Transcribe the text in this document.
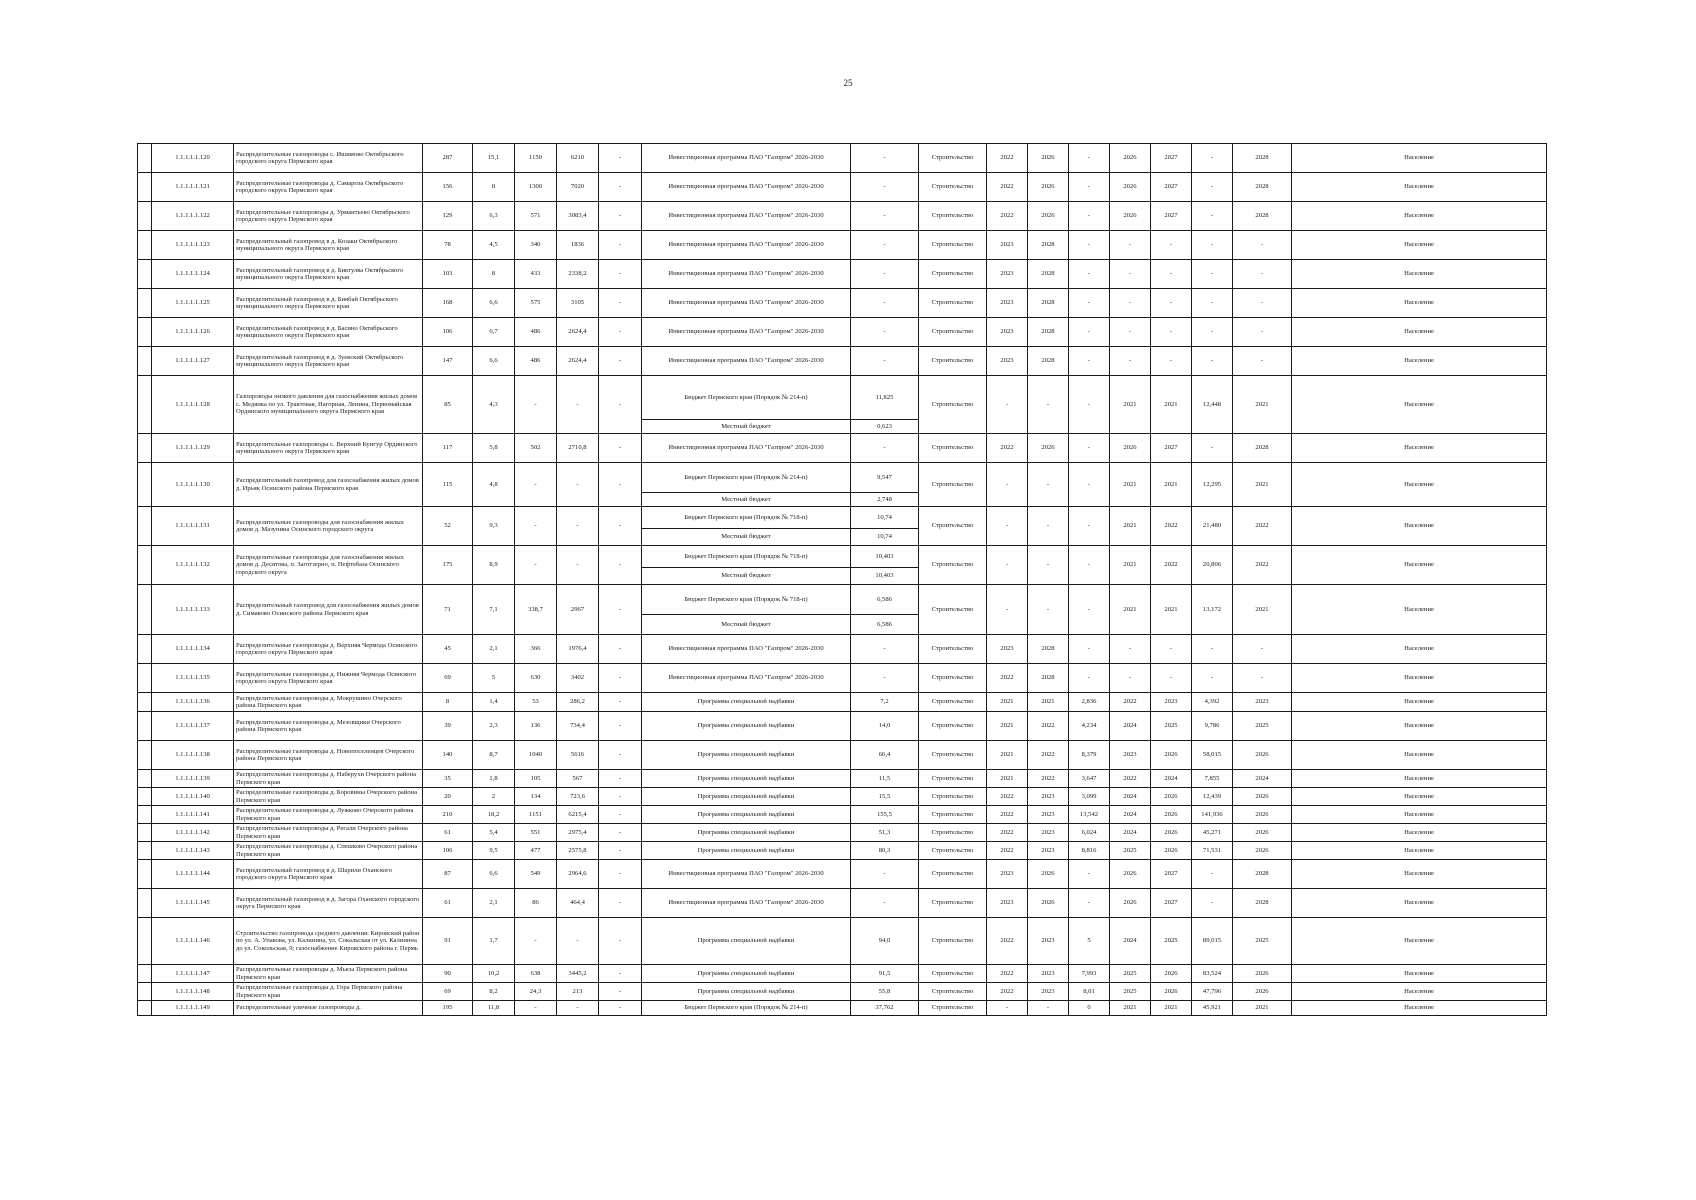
25
	1.1.1.1.1.120	Распределительные газопроводы с. Ишимово Октябрьского городского округа Пермского края	287	15,1	1150	6210	-	Инвестиционная программа ПАО "Газпром" 2026-2030	-	Строительство	2022	2026	-	2026	2027	-	2028	Население
	1.1.1.1.1.121	Распределительные газопроводы д. Самароза Октябрьского городского округа Пермского края	156	8	1300	7020	-	Инвестиционная программа ПАО "Газпром" 2026-2030	-	Строительство	2022	2026	-	2026	2027	-	2028	Население
	1.1.1.1.1.122	Распределительные газопроводы д. Урмантьево Октябрьского городского округа Пермского края	129	6,3	571	3083,4	-	Инвестиционная программа ПАО "Газпром" 2026-2030	-	Строительство	2022	2026	-	2026	2027	-	2028	Население
	1.1.1.1.1.123	Распределительный газопровод в д. Козаки Октябрьского муниципального округа Пермского края	78	4,5	340	1836	-	Инвестиционная программа ПАО "Газпром" 2026-2030	-	Строительство	2023	2028	-	-	-	-	-	Население
	1.1.1.1.1.124	Распределительный газопровод в д. Биктулва Октябрьского муниципального округа Пермского края	103	8	433	2338,2	-	Инвестиционная программа ПАО "Газпром" 2026-2030	-	Строительство	2023	2028	-	-	-	-	-	Население
	1.1.1.1.1.125	Распределительный газопровод в д. Биябай Октябрьского муниципального округа Пермского края	168	6,6	575	3105	-	Инвестиционная программа ПАО "Газпром" 2026-2030	-	Строительство	2023	2028	-	-	-	-	-	Население
	1.1.1.1.1.126	Распределительный газопровод в д. Басино Октябрьского муниципального округа Пермского края	106	6,7	486	2624,4	-	Инвестиционная программа ПАО "Газпром" 2026-2030	-	Строительство	2023	2028	-	-	-	-	-	Население
	1.1.1.1.1.127	Распределительный газопровод в д. Зуевский Октябрьского муниципального округа Пермского края	147	6,6	486	2624,4	-	Инвестиционная программа ПАО "Газпром" 2026-2030	-	Строительство	2023	2028	-	-	-	-	-	Население
	1.1.1.1.1.128	Газопроводы низкого давления для газоснабжения жилых домов с. Медянка по ул. Трактовая, Нагорная, Ленина, Первомайская Ординского муниципального округа Пермского края	85	4,3	-	-	-	Бюджет Пермского края (Порядок № 214-п)	11,825	Строительство	-	-	-	2021	2021	12,448	2021	Население
								Местный бюджет	0,623									
	1.1.1.1.1.129	Распределительные газопроводы с. Верхний Кунгур Ординского муниципального округа Пермского края	117	5,8	502	2710,8	-	Инвестиционная программа ПАО "Газпром" 2026-2030	-	Строительство	2022	2026	-	2026	2027	-	2028	Население
	1.1.1.1.1.130	Распределительный газопровод для газоснабжения жилых домов д. Ирьяк Осинского района Пермского края	115	4,8	-	-	-	Бюджет Пермского края (Порядок № 214-п)	9,547	Строительство	-	-	-	2021	2021	12,295	2021	Население
								Местный бюджет	2,748									
	1.1.1.1.1.131	Распределительные газопроводы для газоснабжения жилых домов д. Мазунина Осинского городского округа	52	9,3	-	-	-	Бюджет Пермского края (Порядок № 718-п)	10,74	Строительство	-	-	-	2021	2022	21,480	2022	Население
								Местный бюджет	10,74									
	1.1.1.1.1.132	Распределительные газопроводы для газоснабжения жилых домов д. Десятова, п. Заготзерно, п. Нефтебаза Осинского городского округа	175	8,9	-	-	-	Бюджет Пермского края (Порядок № 718-п)	10,403	Строительство	-	-	-	2021	2022	20,806	2022	Население
								Местный бюджет	10,403									
	1.1.1.1.1.133	Распределительный газопровод для газоснабжения жилых домов д. Симаково Осинского района Пермского края	71	7,1	338,7	2967	-	Бюджет Пермского края (Порядок № 718-п)	6,586	Строительство	-	-	-	2021	2021	13,172	2021	Население
								Местный бюджет	6,586									
	1.1.1.1.1.134	Распределительные газопроводы д. Верхняя Чермода Осинского городского округа Пермского края	45	2,1	366	1976,4	-	Инвестиционная программа ПАО "Газпром" 2026-2030	-	Строительство	2023	2028	-	-	-	-	-	Население
	1.1.1.1.1.135	Распределительные газопроводы д. Нижняя Чермода Осинского городского округа Пермского края	69	5	630	3402	-	Инвестиционная программа ПАО "Газпром" 2026-2030	-	Строительство	2022	2028	-	-	-	-	-	Население
	1.1.1.1.1.136	Распределительные газопроводы д. Мокрушино Очерского района Пермского края	8	1,4	53	286,2	-	Программа специальной надбавки	7,2	Строительство	2021	2021	2,836	2022	2023	4,392	2023	Население
	1.1.1.1.1.137	Распределительные газопроводы д. Мезовщики Очерского района Пермского края	39	2,3	136	734,4	-	Программа специальной надбавки	14,0	Строительство	2021	2022	4,234	2024	2025	9,786	2025	Население
	1.1.1.1.1.138	Распределительные газопроводы д. Новопоселенцев Очерского района Пермского края	140	8,7	1040	5616	-	Программа специальной надбавки	66,4	Строительство	2021	2022	8,379	2023	2026	58,015	2026	Население
	1.1.1.1.1.139	Распределительные газопроводы д. Наберухи Очерского района Пермского края	35	1,8	105	567	-	Программа специальной надбавки	11,5	Строительство	2021	2022	3,647	2022	2024	7,855	2024	Население
	1.1.1.1.1.140	Распределительные газопроводы д. Боровины Очерского района Пермского края	20	2	134	723,6	-	Программа специальной надбавки	15,5	Строительство	2022	2023	3,099	2024	2026	12,439	2026	Население
	1.1.1.1.1.141	Распределительные газопроводы д. Лужково Очерского района Пермского края	210	18,2	1151	6215,4	-	Программа специальной надбавки	155,5	Строительство	2022	2023	13,542	2024	2026	141,936	2026	Население
	1.1.1.1.1.142	Распределительные газопроводы д. Регали Очерского района Пермского края	61	5,4	551	2975,4	-	Программа специальной надбавки	51,3	Строительство	2022	2023	6,024	2024	2026	45,271	2026	Население
	1.1.1.1.1.143	Распределительные газопроводы д. Спешково Очерского района Пермского края	106	9,5	477	2575,8	-	Программа специальной надбавки	80,3	Строительство	2022	2023	8,816	2025	2026	71,531	2026	Население
	1.1.1.1.1.144	Распределительный газопровод в д. Шарили Оханского городского округа Пермского края	87	6,6	549	2964,6	-	Инвестиционная программа ПАО "Газпром" 2026-2030	-	Строительство	2023	2026	-	2026	2027	-	2028	Население
	1.1.1.1.1.145	Распределительный газопровод в д. Загора Оханского городского округа Пермского края	61	2,1	86	464,4	-	Инвестиционная программа ПАО "Газпром" 2026-2030	-	Строительство	2023	2026	-	2026	2027	-	2028	Население
	1.1.1.1.1.146	Строительство газопровода среднего давления: Кировский район по ул. А. Упакова, ул. Калинина, ул. Сокальская от ул. Калинина до ул. Сокольская, 9; газоснабжение Кировского района г. Пермь	91	1,7	-	-	-	Программа специальной надбавки	94,0	Строительство	2022	2023	5	2024	2025	89,015	2025	Население
	1.1.1.1.1.147	Распределительные газопроводы д. Мысы Пермского района Пермского края	90	10,2	638	3445,2	-	Программа специальной надбавки	91,5	Строительство	2022	2023	7,993	2025	2026	83,524	2026	Население
	1.1.1.1.1.148	Распределительные газопроводы д. Гора Пермского района Пермского края	69	8,2	24,3	213	-	Программа специальной надбавки	55,8	Строительство	2022	2023	8,01	2025	2026	47,796	2026	Население
	1.1.1.1.1.149	Распределительные уличные газопроводы д.	195	11,8	-	-	-	Бюджет Пермского края (Порядок № 214-п)	37,762	Строительство	-	-	0	2021	2021	45,921	2021	Население
